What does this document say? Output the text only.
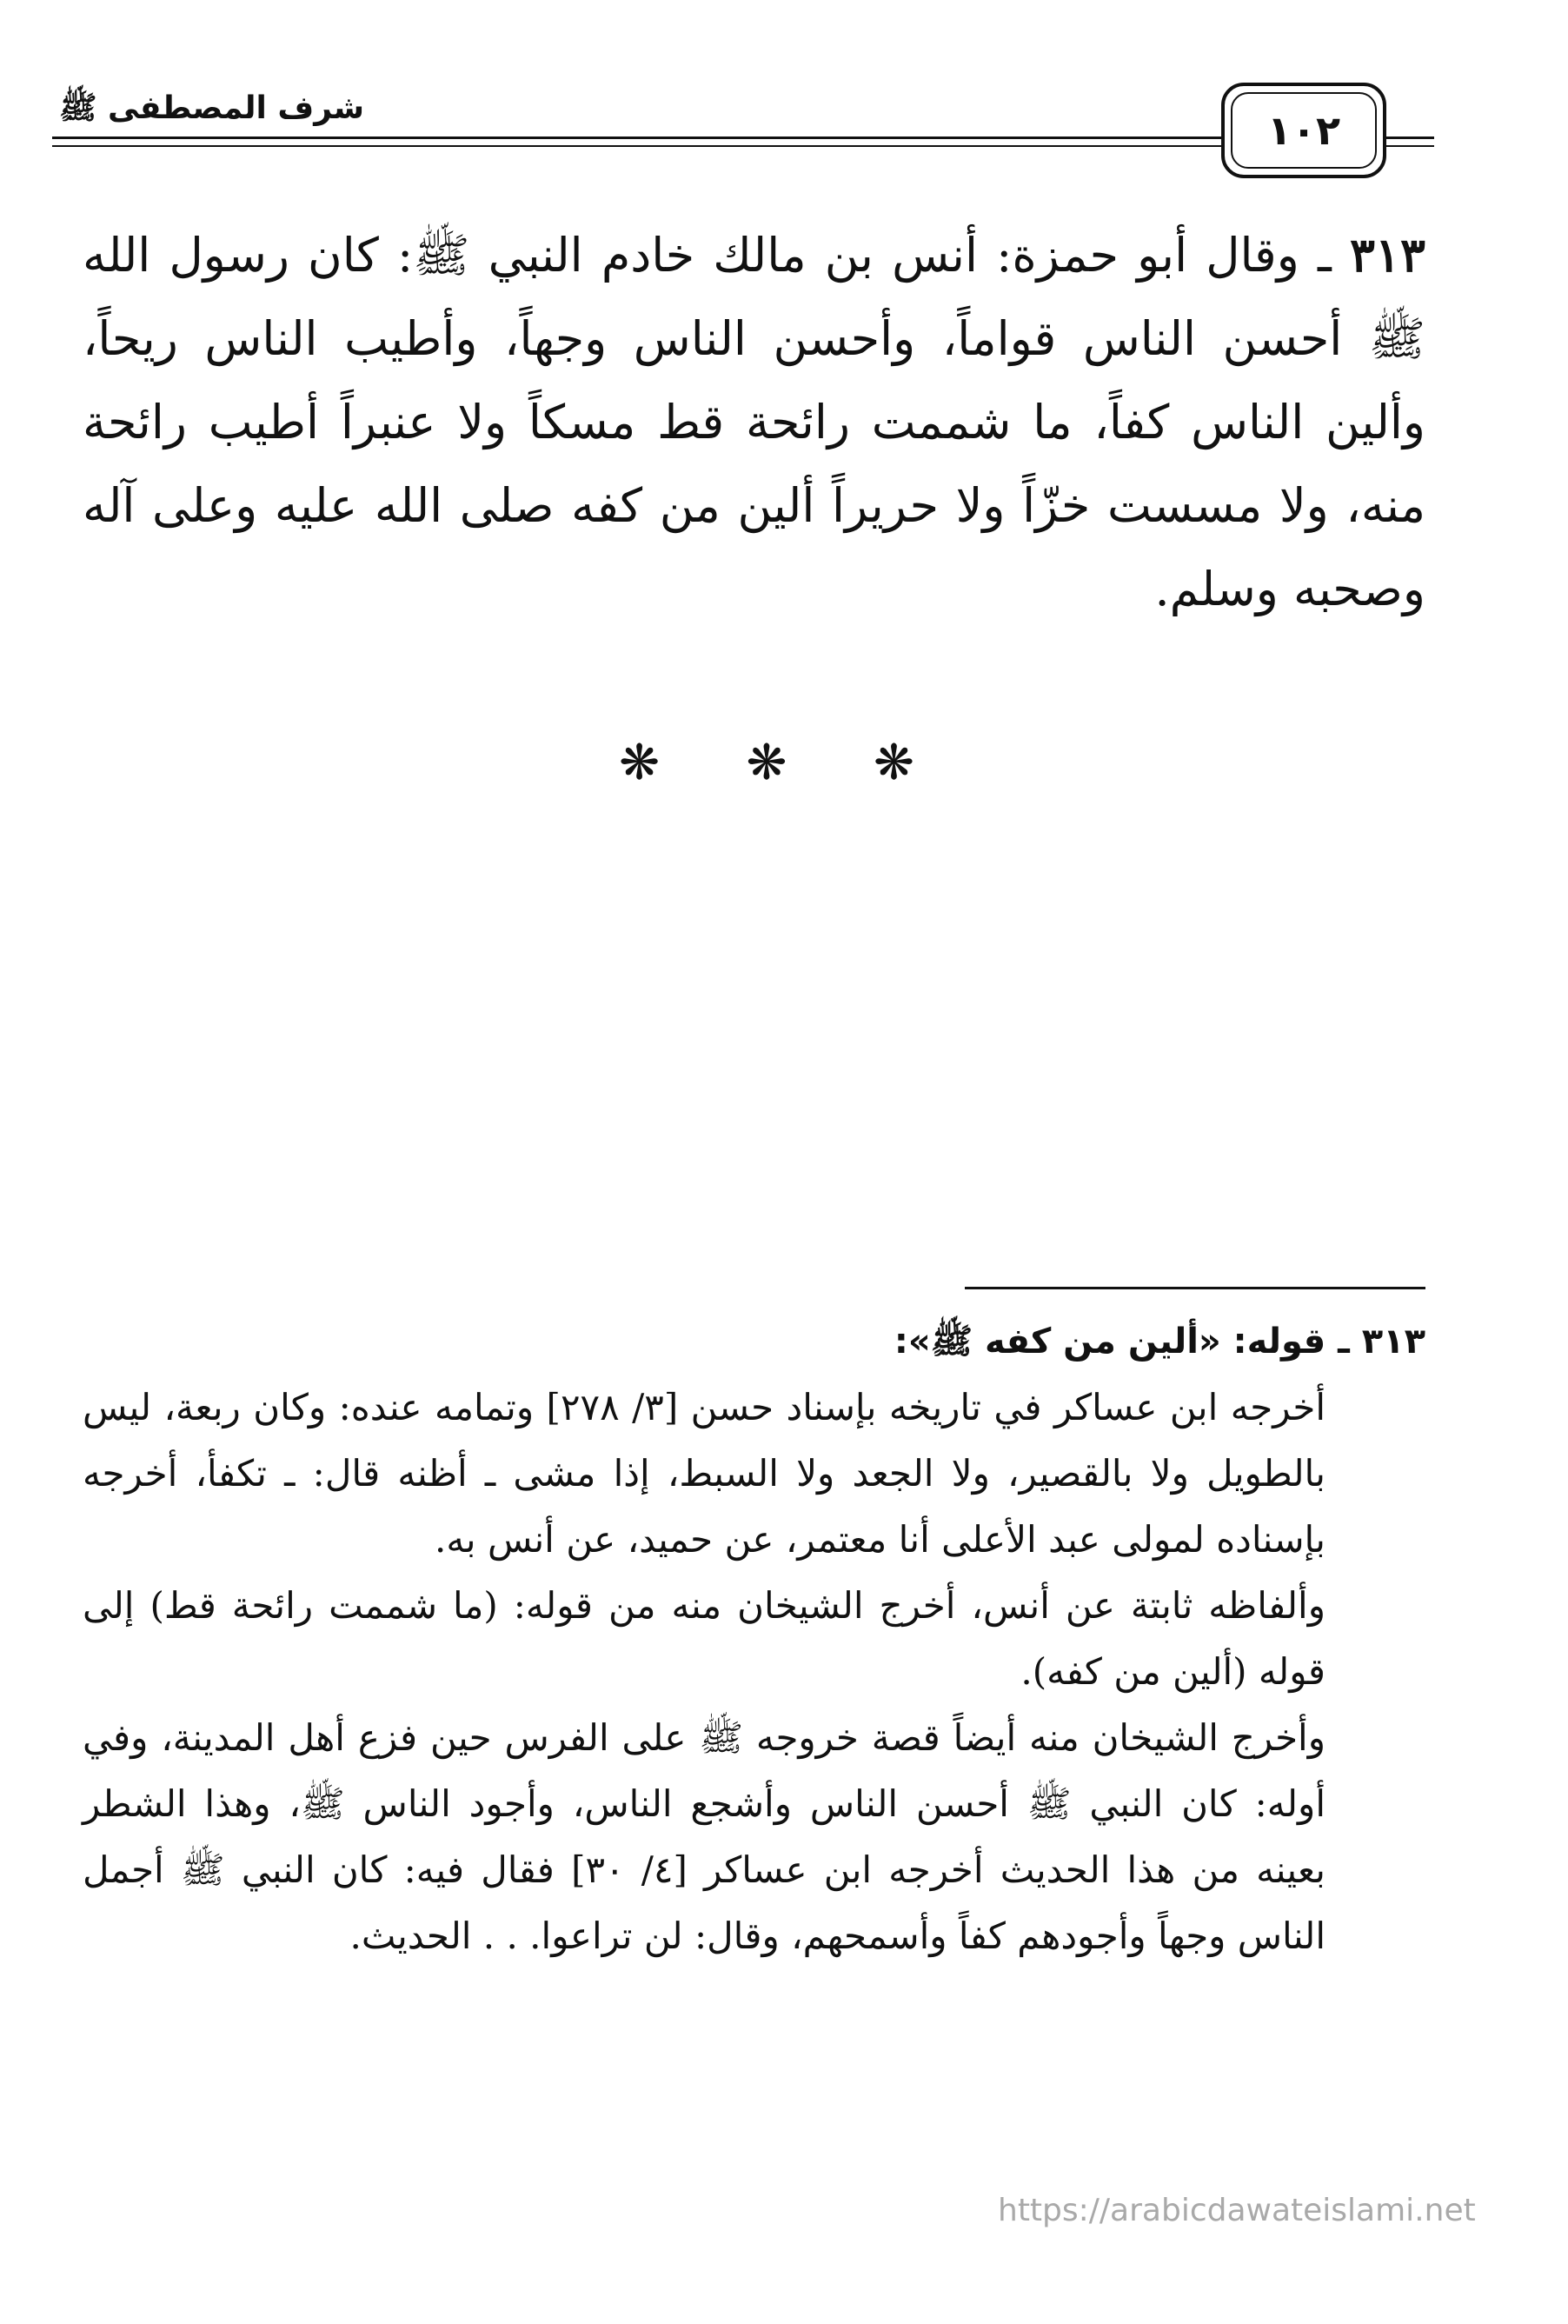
شرف المصطفى ﷺ	١٠٢
٣١٣ ـ وقال أبو حمزة: أنس بن مالك خادم النبي ﷺ: كان رسول الله ﷺ أحسن الناس قواماً، وأحسن الناس وجهاً، وأطيب الناس ريحاً، وألين الناس كفاً، ما شممت رائحة قط مسكاً ولا عنبراً أطيب رائحة منه، ولا مسست خزّاً ولا حريراً ألين من كفه صلى الله عليه وعلى آله وصحبه وسلم.
❋ ❋ ❋
٣١٣ ـ قوله: «ألين من كفه ﷺ»:
أخرجه ابن عساكر في تاريخه بإسناد حسن [٣/ ٢٧٨] وتمامه عنده: وكان ربعة، ليس بالطويل ولا بالقصير، ولا الجعد ولا السبط، إذا مشى ـ أظنه قال: ـ تكفأ، أخرجه بإسناده لمولى عبد الأعلى أنا معتمر، عن حميد، عن أنس به.
وألفاظه ثابتة عن أنس، أخرج الشيخان منه من قوله: (ما شممت رائحة قط) إلى قوله (ألين من كفه).
وأخرج الشيخان منه أيضاً قصة خروجه ﷺ على الفرس حين فزع أهل المدينة، وفي أوله: كان النبي ﷺ أحسن الناس وأشجع الناس، وأجود الناس ﷺ، وهذا الشطر بعينه من هذا الحديث أخرجه ابن عساكر [٤/ ٣٠] فقال فيه: كان النبي ﷺ أجمل الناس وجهاً وأجودهم كفاً وأسمحهم، وقال: لن تراعوا. . . الحديث.
https://arabicdawateislami.net
